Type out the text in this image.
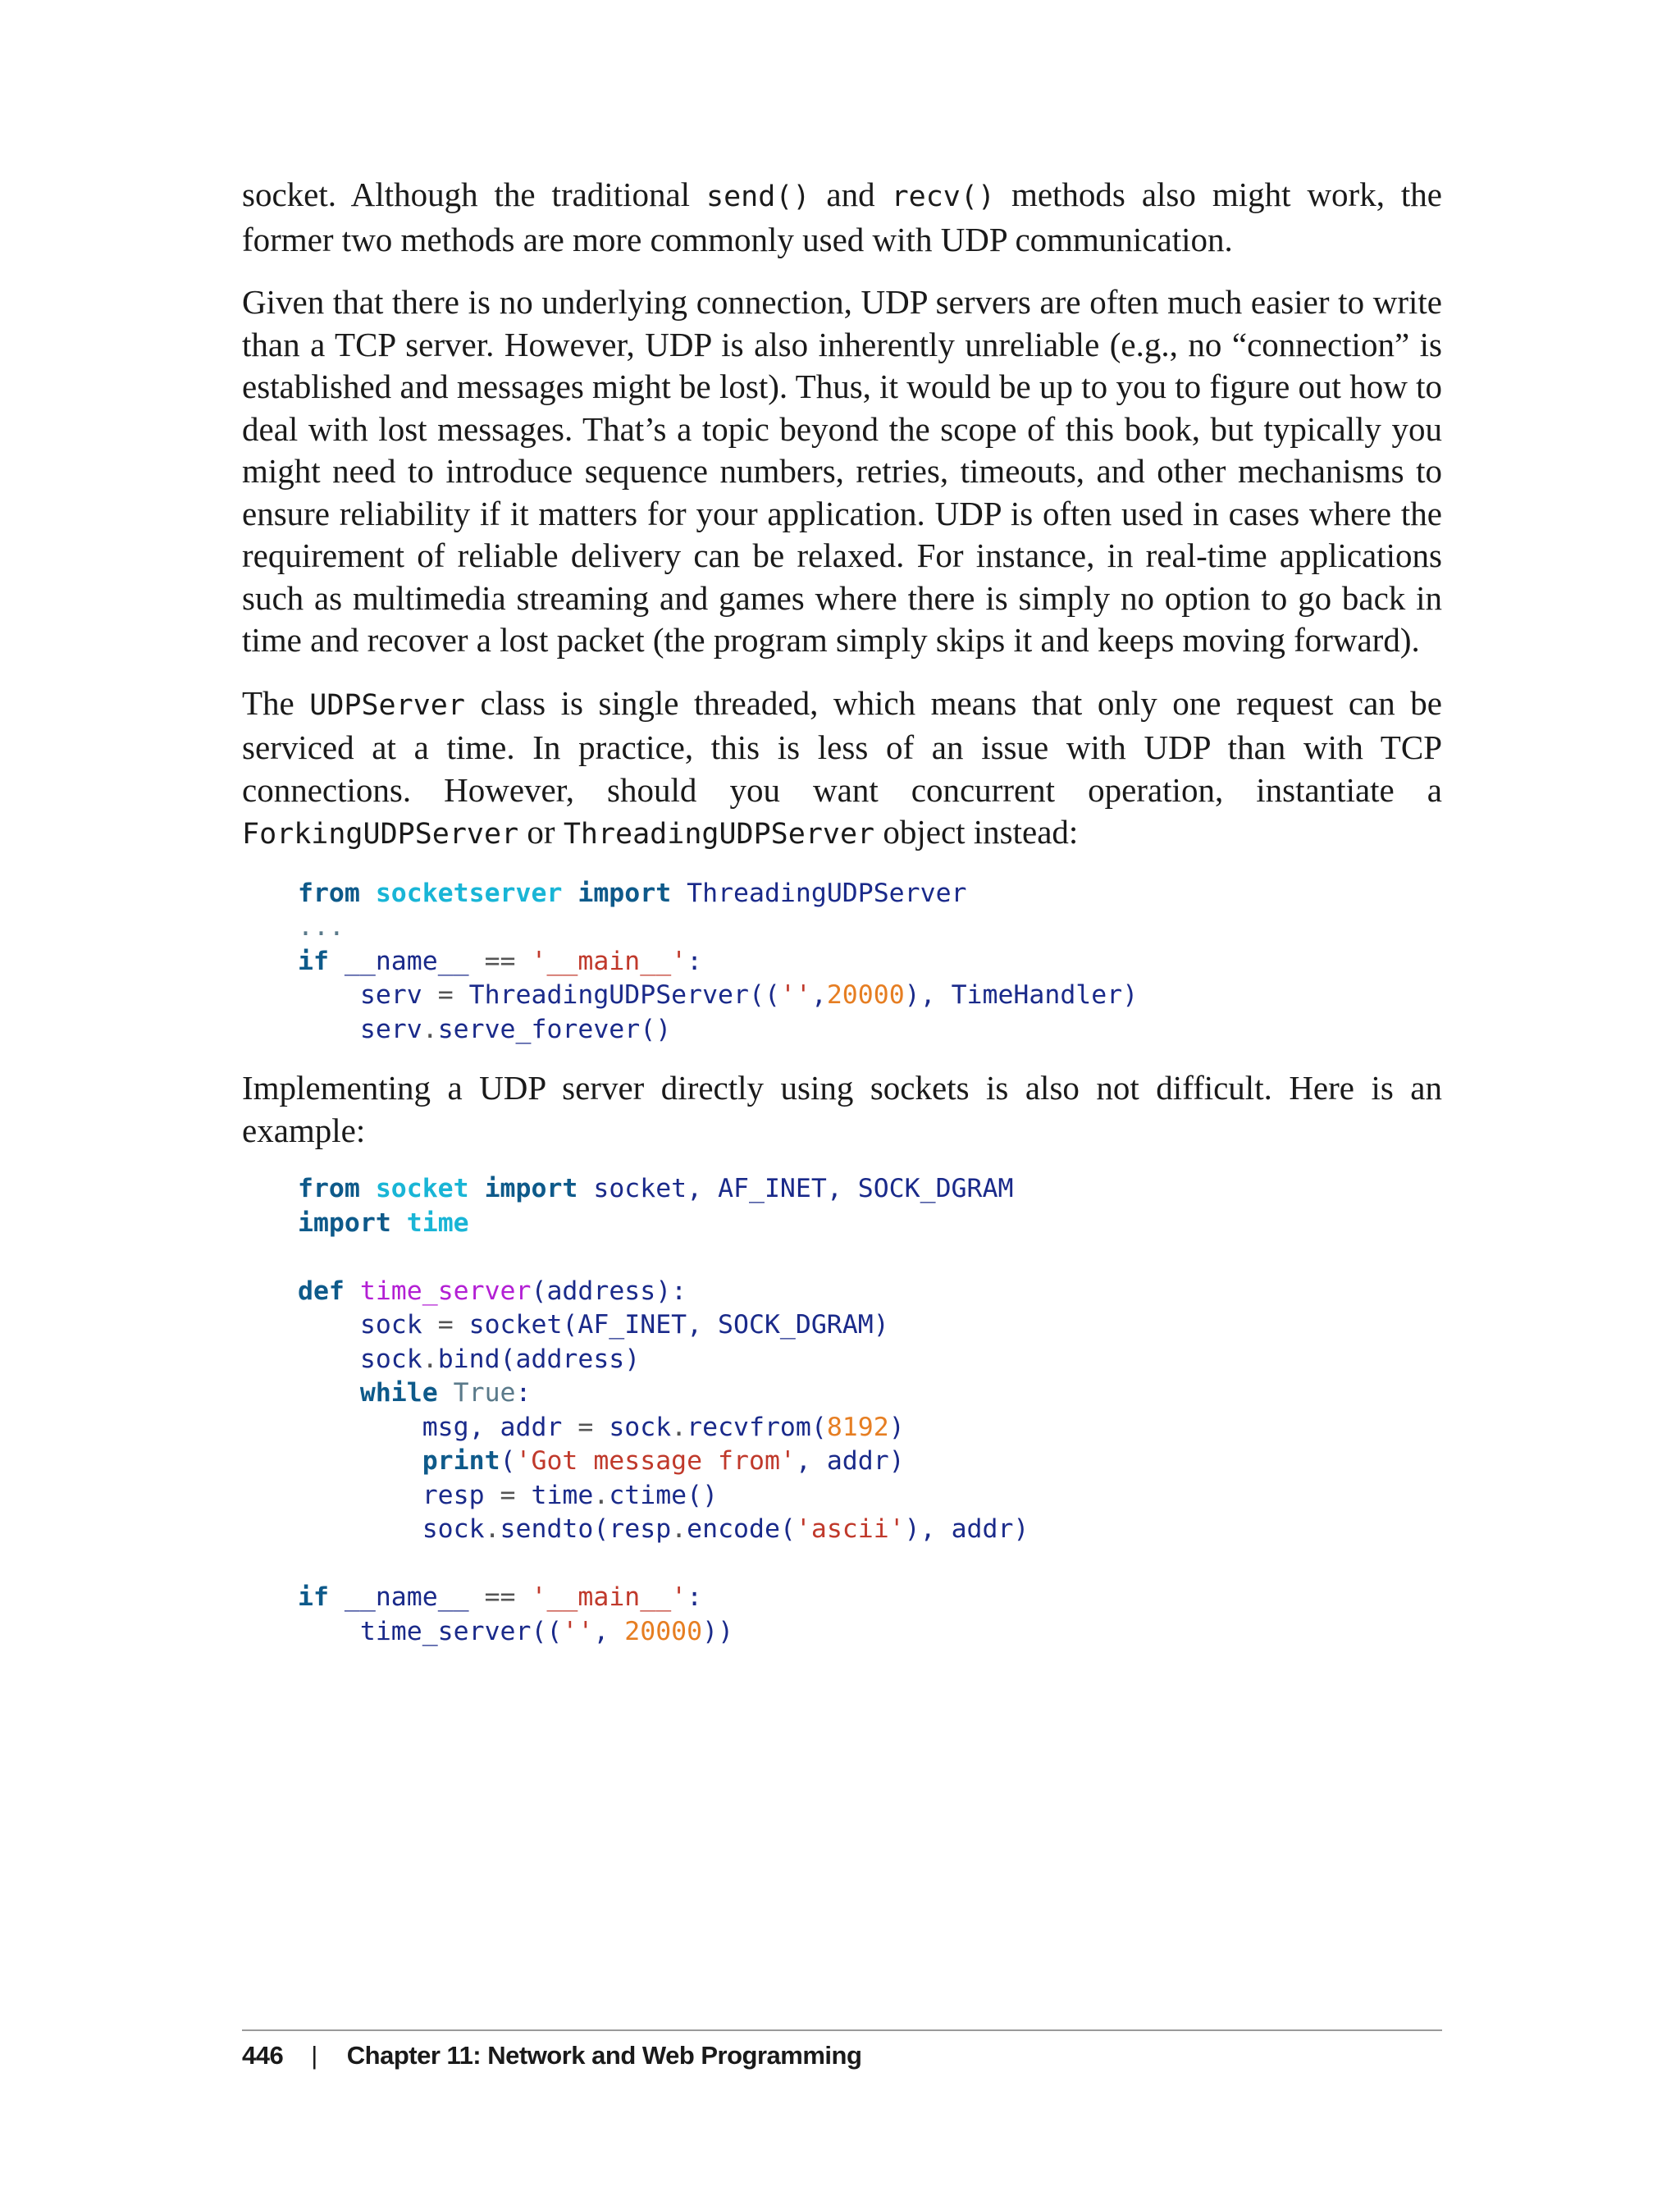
socket. Although the traditional send() and recv() methods also might work, the former two methods are more commonly used with UDP communication.

Given that there is no underlying connection, UDP servers are often much easier to write than a TCP server. However, UDP is also inherently unreliable (e.g., no “connection” is established and messages might be lost). Thus, it would be up to you to figure out how to deal with lost messages. That’s a topic beyond the scope of this book, but typically you might need to introduce sequence numbers, retries, timeouts, and other mechanisms to ensure reliability if it matters for your application. UDP is often used in cases where the requirement of reliable delivery can be relaxed. For instance, in real-time applications such as multimedia streaming and games where there is simply no option to go back in time and recover a lost packet (the program simply skips it and keeps moving forward).

The UDPServer class is single threaded, which means that only one request can be serviced at a time. In practice, this is less of an issue with UDP than with TCP connections. However, should you want concurrent operation, instantiate a ForkingUDPServer or ThreadingUDPServer object instead:

from socketserver import ThreadingUDPServer
...
if __name__ == '__main__':
serv = ThreadingUDPServer(('',20000), TimeHandler)
serv.serve_forever()

Implementing a UDP server directly using sockets is also not difficult. Here is an example:

from socket import socket, AF_INET, SOCK_DGRAM
import time
def time_server(address):
sock = socket(AF_INET, SOCK_DGRAM)
sock.bind(address)
while True:
msg, addr = sock.recvfrom(8192)
print('Got message from', addr)
resp = time.ctime()
sock.sendto(resp.encode('ascii'), addr)
if __name__ == '__main__':
time_server(('', 20000))
446 | Chapter 11: Network and Web Programming
